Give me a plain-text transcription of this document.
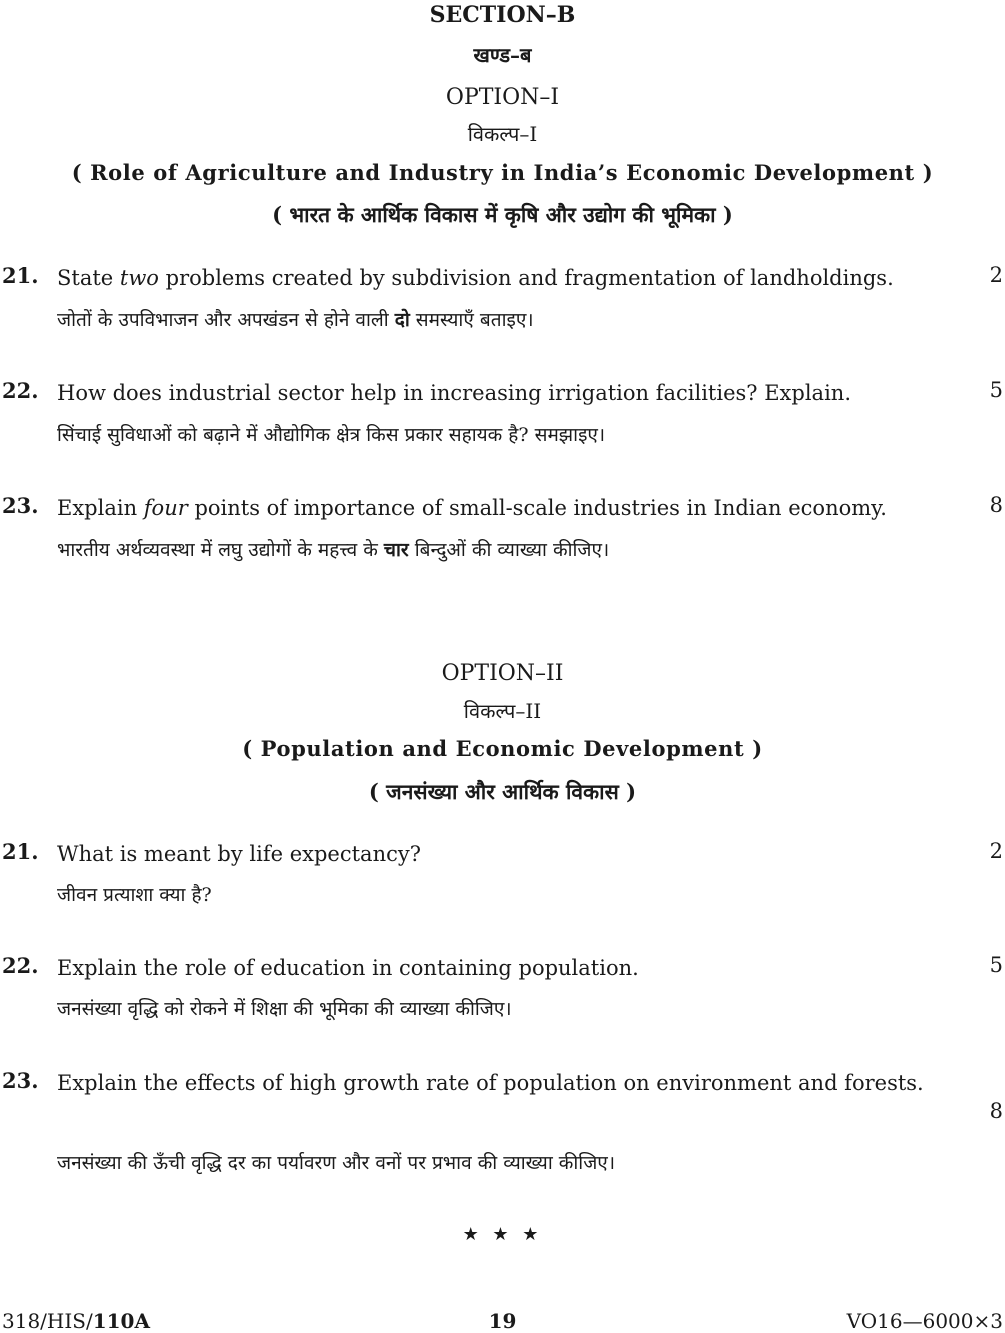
SECTION–B
खण्ड–ब
OPTION–I
विकल्प–I
( Role of Agriculture and Industry in India’s Economic Development )
( भारत के आर्थिक विकास में कृषि और उद्योग की भूमिका )
21. State two problems created by subdivision and fragmentation of landholdings.	2
जोतों के उपविभाजन और अपखंडन से होने वाली दो समस्याएँ बताइए।
22. How does industrial sector help in increasing irrigation facilities? Explain.	5
सिंचाई सुविधाओं को बढ़ाने में औद्योगिक क्षेत्र किस प्रकार सहायक है? समझाइए।
23. Explain four points of importance of small-scale industries in Indian economy.	8
भारतीय अर्थव्यवस्था में लघु उद्योगों के महत्त्व के चार बिन्दुओं की व्याख्या कीजिए।
OPTION–II
विकल्प–II
( Population and Economic Development )
( जनसंख्या और आर्थिक विकास )
21. What is meant by life expectancy?	2
जीवन प्रत्याशा क्या है?
22. Explain the role of education in containing population.	5
जनसंख्या वृद्धि को रोकने में शिक्षा की भूमिका की व्याख्या कीजिए।
23. Explain the effects of high growth rate of population on environment and forests.
8
जनसंख्या की ऊँची वृद्धि दर का पर्यावरण और वनों पर प्रभाव की व्याख्या कीजिए।
★ ★ ★
318/HIS/110A	19	VO16—6000×3
